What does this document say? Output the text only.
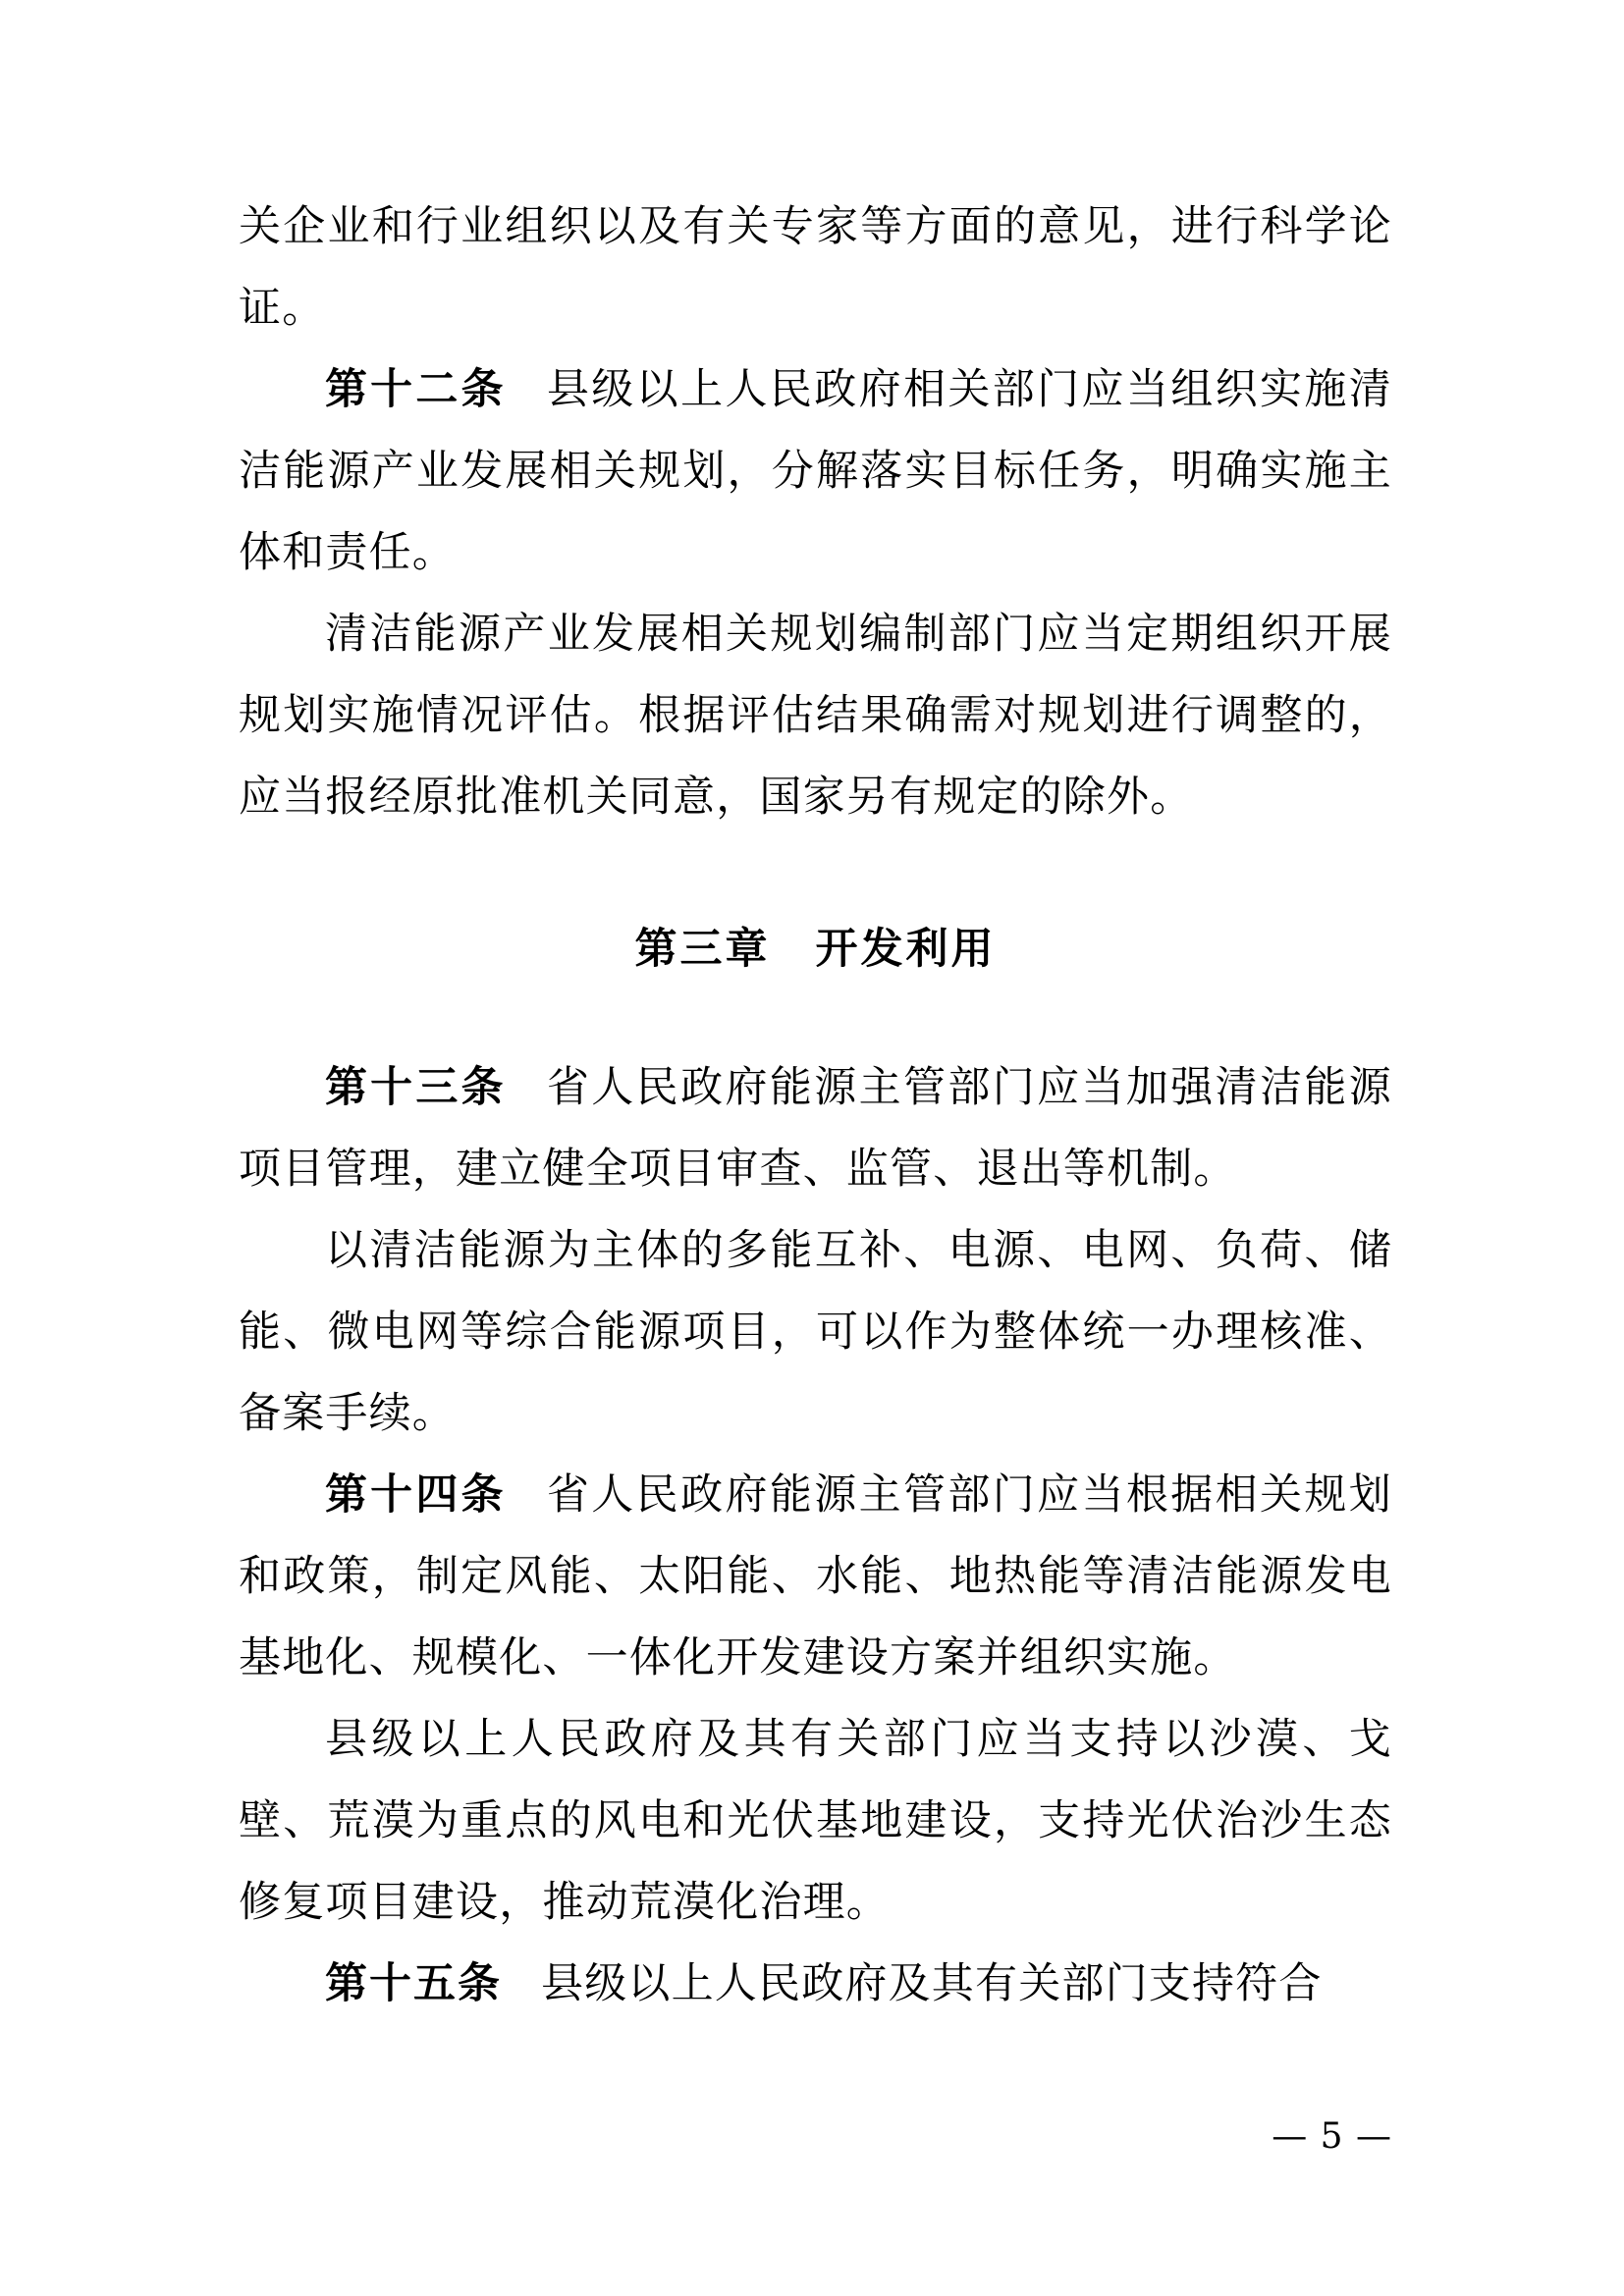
关企业和行业组织以及有关专家等方面的意见，进行科学论证。

第十二条 县级以上人民政府相关部门应当组织实施清洁能源产业发展相关规划，分解落实目标任务，明确实施主体和责任。

清洁能源产业发展相关规划编制部门应当定期组织开展规划实施情况评估。根据评估结果确需对规划进行调整的，应当报经原批准机关同意，国家另有规定的除外。

第三章 开发利用

第十三条 省人民政府能源主管部门应当加强清洁能源项目管理，建立健全项目审查、监管、退出等机制。

以清洁能源为主体的多能互补、电源、电网、负荷、储能、微电网等综合能源项目，可以作为整体统一办理核准、备案手续。

第十四条 省人民政府能源主管部门应当根据相关规划和政策，制定风能、太阳能、水能、地热能等清洁能源发电基地化、规模化、一体化开发建设方案并组织实施。

县级以上人民政府及其有关部门应当支持以沙漠、戈壁、荒漠为重点的风电和光伏基地建设，支持光伏治沙生态修复项目建设，推动荒漠化治理。

第十五条 县级以上人民政府及其有关部门支持符合

— 5 —
